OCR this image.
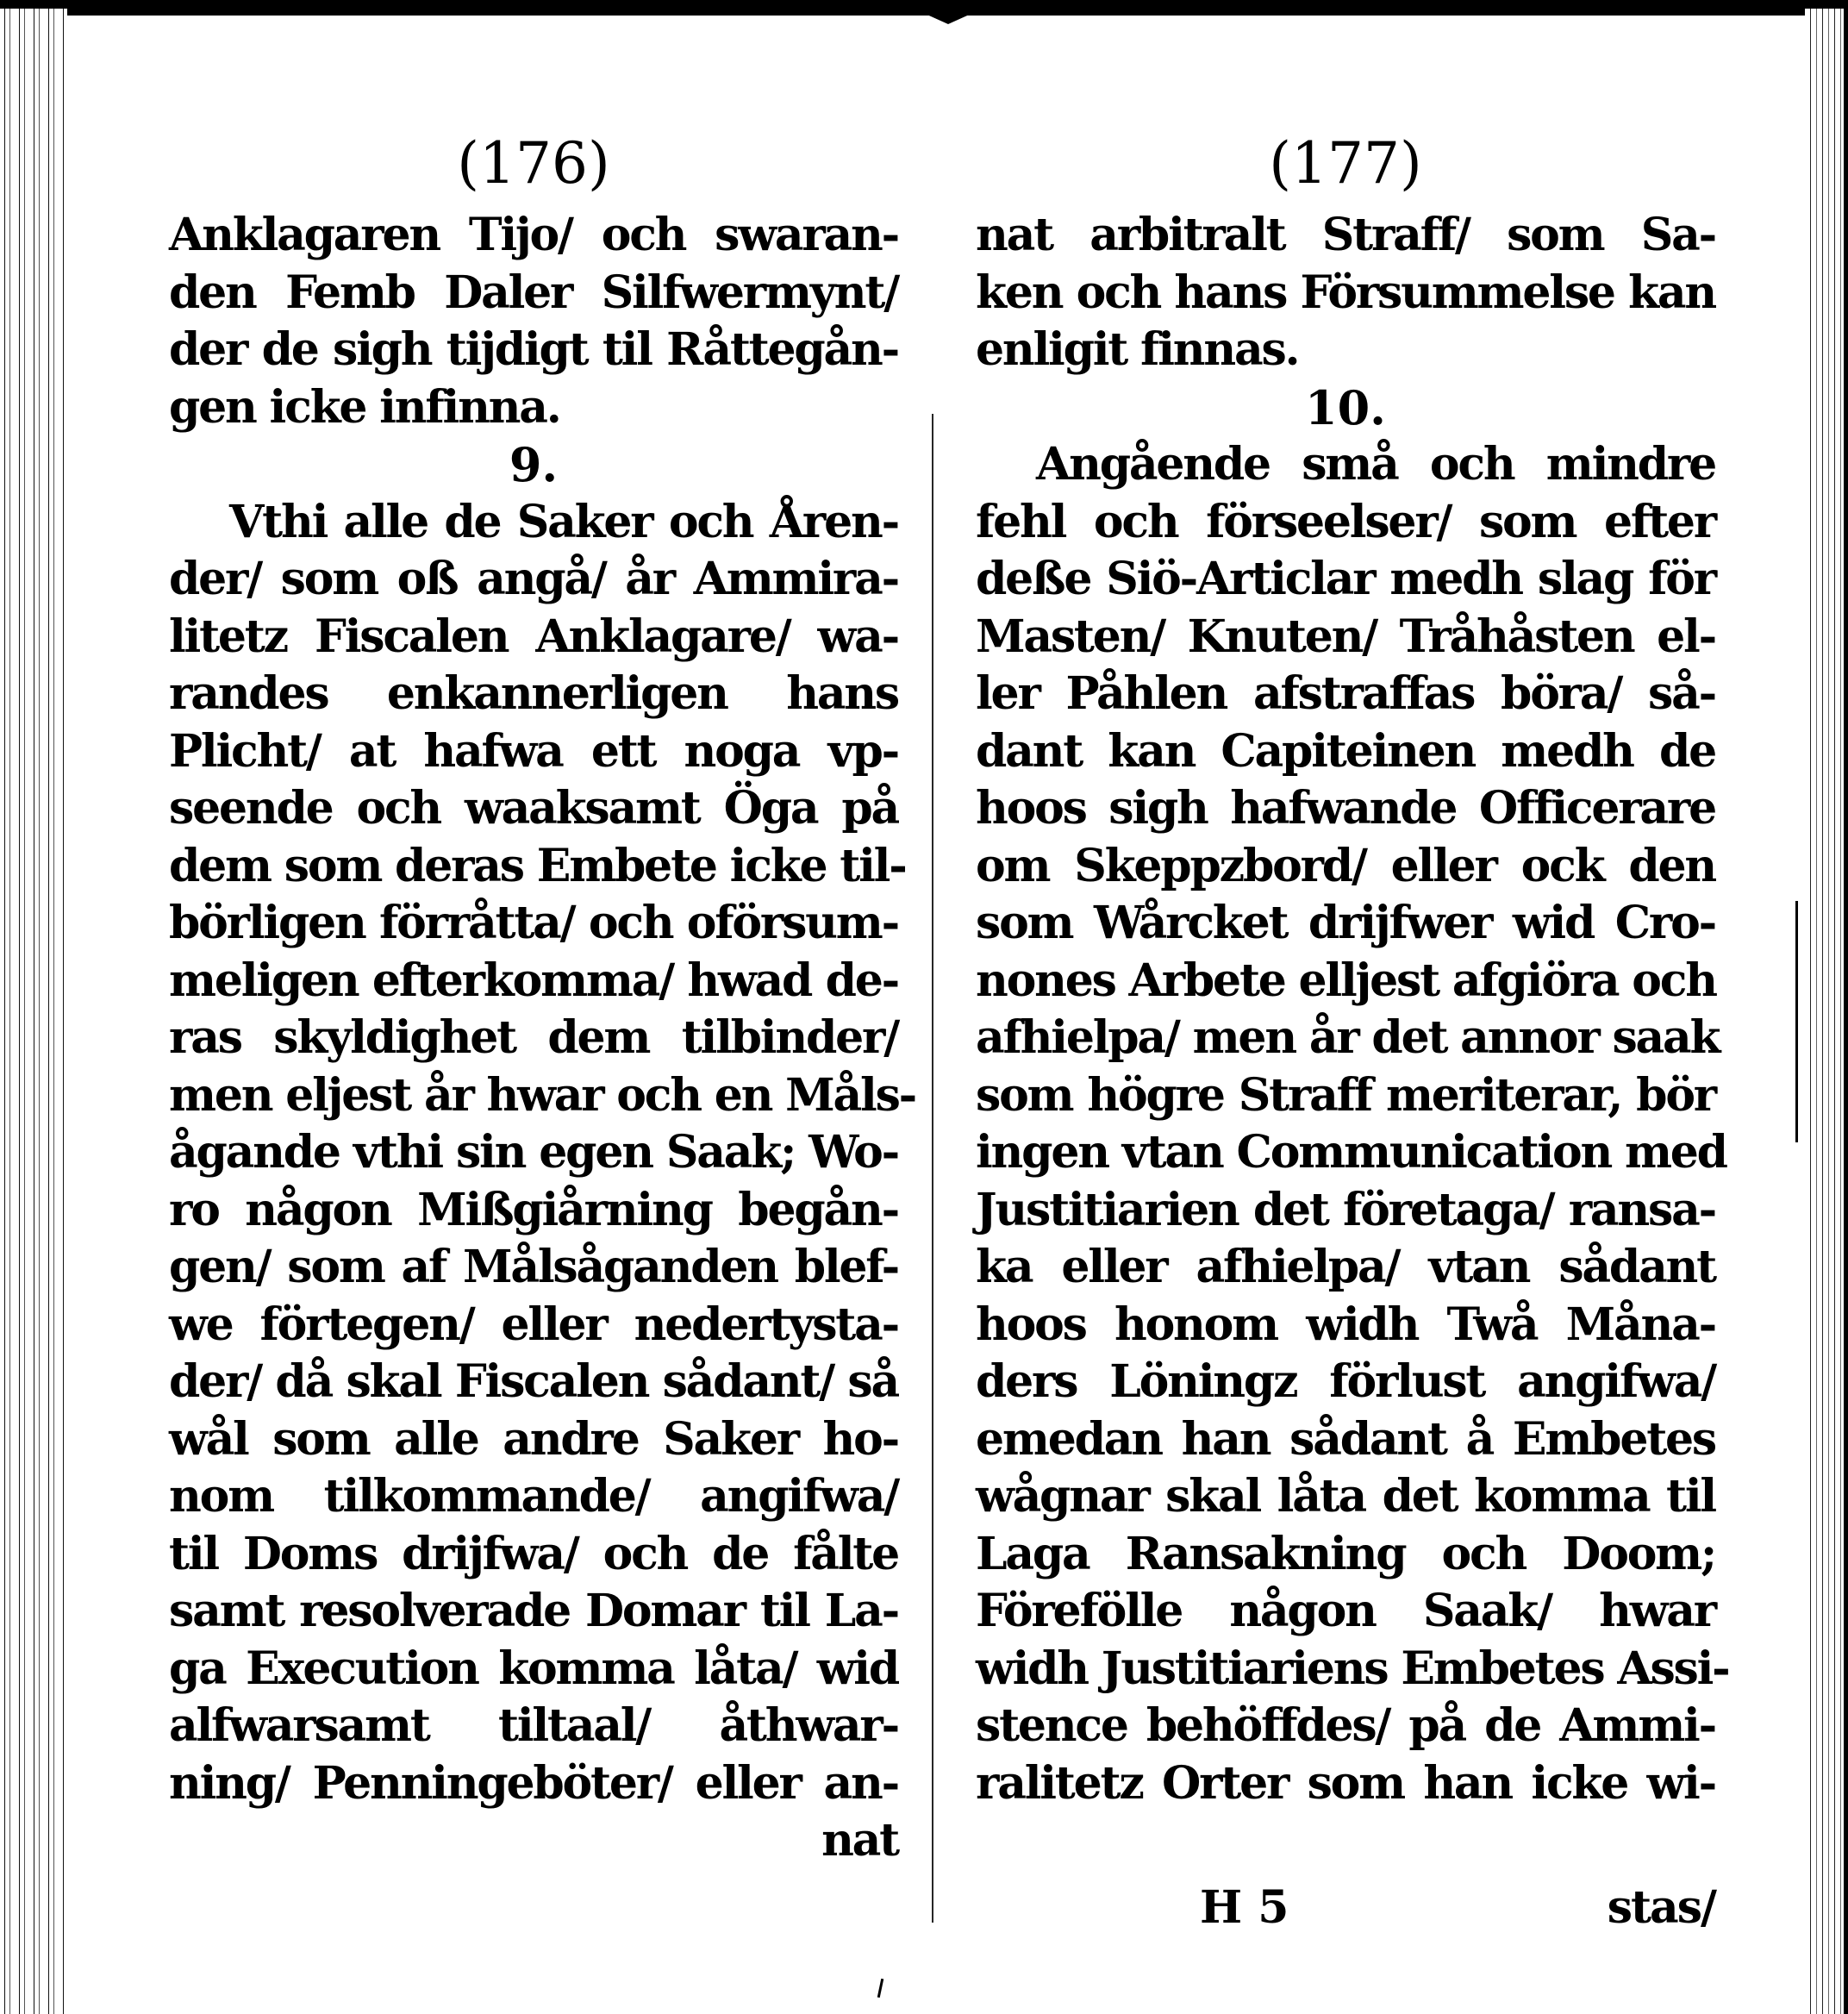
(176)
Anklagaren Tijo/ och swaran-
den Femb Daler Silfwermynt/
der de sigh tijdigt til Råttegån-
gen icke infinna.
9.
Vthi alle de Saker och Åren-
der/ som oß angå/ år Ammira-
litetz Fiscalen Anklagare/ wa-
randes enkannerligen hans
Plicht/ at hafwa ett noga vp-
seende och waaksamt Öga på
dem som deras Embete icke til-
börligen förråtta/ och oförsum-
meligen efterkomma/ hwad de-
ras skyldighet dem tilbinder/
men eljest år hwar och en Måls-
ågande vthi sin egen Saak; Wo-
ro någon Mißgiårning begån-
gen/ som af Målsåganden blef-
we förtegen/ eller nedertysta-
der/ då skal Fiscalen sådant/ så
wål som alle andre Saker ho-
nom tilkommande/ angifwa/
til Doms drijfwa/ och de fålte
samt resolverade Domar til La-
ga Execution komma låta/ wid
alfwarsamt tiltaal/ åthwar-
ning/ Penningeböter/ eller an-
nat
(177)
nat arbitralt Straff/ som Sa-
ken och hans Försummelse kan
enligit finnas.
10.
Angående små och mindre
fehl och förseelser/ som efter
deße Siö-Articlar medh slag för
Masten/ Knuten/ Tråhåsten el-
ler Påhlen afstraffas böra/ så-
dant kan Capiteinen medh de
hoos sigh hafwande Officerare
om Skeppzbord/ eller ock den
som Wårcket drijfwer wid Cro-
nones Arbete elljest afgiöra och
afhielpa/ men år det annor saak
som högre Straff meriterar, bör
ingen vtan Communication med
Justitiarien det företaga/ ransa-
ka eller afhielpa/ vtan sådant
hoos honom widh Twå Måna-
ders Löningz förlust angifwa/
emedan han sådant å Embetes
wågnar skal låta det komma til
Laga Ransakning och Doom;
Förefölle någon Saak/ hwar
widh Justitiariens Embetes Assi-
stence behöffdes/ på de Ammi-
ralitetz Orter som han icke wi-
H 5	stas/
